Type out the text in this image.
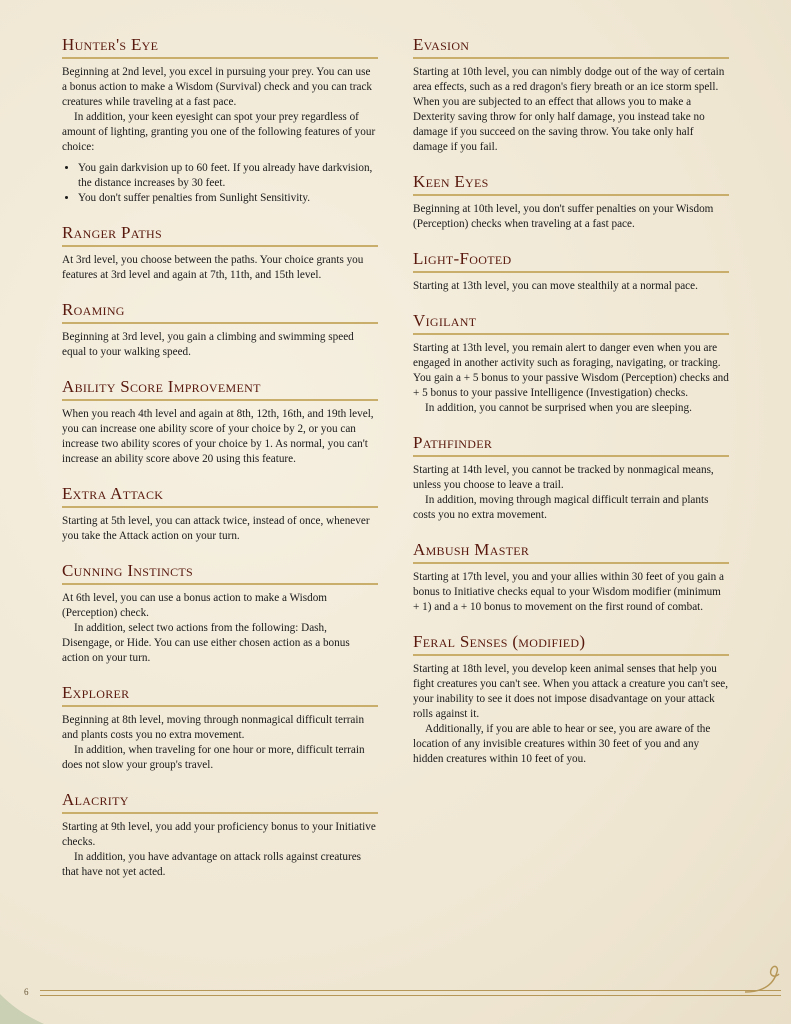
Hunter's Eye

Beginning at 2nd level, you excel in pursuing your prey. You can use a bonus action to make a Wisdom (Survival) check and you can track creatures while traveling at a fast pace.

In addition, your keen eyesight can spot your prey regardless of amount of lighting, granting you one of the following features of your choice:

• You gain darkvision up to 60 feet. If you already have darkvision, the distance increases by 30 feet.
• You don't suffer penalties from Sunlight Sensitivity.
Ranger Paths

At 3rd level, you choose between the paths. Your choice grants you features at 3rd level and again at 7th, 11th, and 15th level.

Roaming

Beginning at 3rd level, you gain a climbing and swimming speed equal to your walking speed.

Ability Score Improvement

When you reach 4th level and again at 8th, 12th, 16th, and 19th level, you can increase one ability score of your choice by 2, or you can increase two ability scores of your choice by 1. As normal, you can't increase an ability score above 20 using this feature.

Extra Attack

Starting at 5th level, you can attack twice, instead of once, whenever you take the Attack action on your turn.

Cunning Instincts

At 6th level, you can use a bonus action to make a Wisdom (Perception) check.

In addition, select two actions from the following: Dash, Disengage, or Hide. You can use either chosen action as a bonus action on your turn.

Explorer

Beginning at 8th level, moving through nonmagical difficult terrain and plants costs you no extra movement.

In addition, when traveling for one hour or more, difficult terrain does not slow your group's travel.

Alacrity

Starting at 9th level, you add your proficiency bonus to your Initiative checks.

In addition, you have advantage on attack rolls against creatures that have not yet acted.

Evasion

Starting at 10th level, you can nimbly dodge out of the way of certain area effects, such as a red dragon's fiery breath or an ice storm spell. When you are subjected to an effect that allows you to make a Dexterity saving throw for only half damage, you instead take no damage if you succeed on the saving throw. You take only half damage if you fail.

Keen Eyes

Beginning at 10th level, you don't suffer penalties on your Wisdom (Perception) checks when traveling at a fast pace.

Light-Footed

Starting at 13th level, you can move stealthily at a normal pace.

Vigilant

Starting at 13th level, you remain alert to danger even when you are engaged in another activity such as foraging, navigating, or tracking. You gain a + 5 bonus to your passive Wisdom (Perception) checks and + 5 bonus to your passive Intelligence (Investigation) checks.

In addition, you cannot be surprised when you are sleeping.

Pathfinder

Starting at 14th level, you cannot be tracked by nonmagical means, unless you choose to leave a trail.

In addition, moving through magical difficult terrain and plants costs you no extra movement.

Ambush Master

Starting at 17th level, you and your allies within 30 feet of you gain a bonus to Initiative checks equal to your Wisdom modifier (minimum + 1) and a + 10 bonus to movement on the first round of combat.

Feral Senses (modified)

Starting at 18th level, you develop keen animal senses that help you fight creatures you can't see. When you attack a creature you can't see, your inability to see it does not impose disadvantage on your attack rolls against it.

Additionally, if you are able to hear or see, you are aware of the location of any invisible creatures within 30 feet of you and any hidden creatures within 10 feet of you.

6
